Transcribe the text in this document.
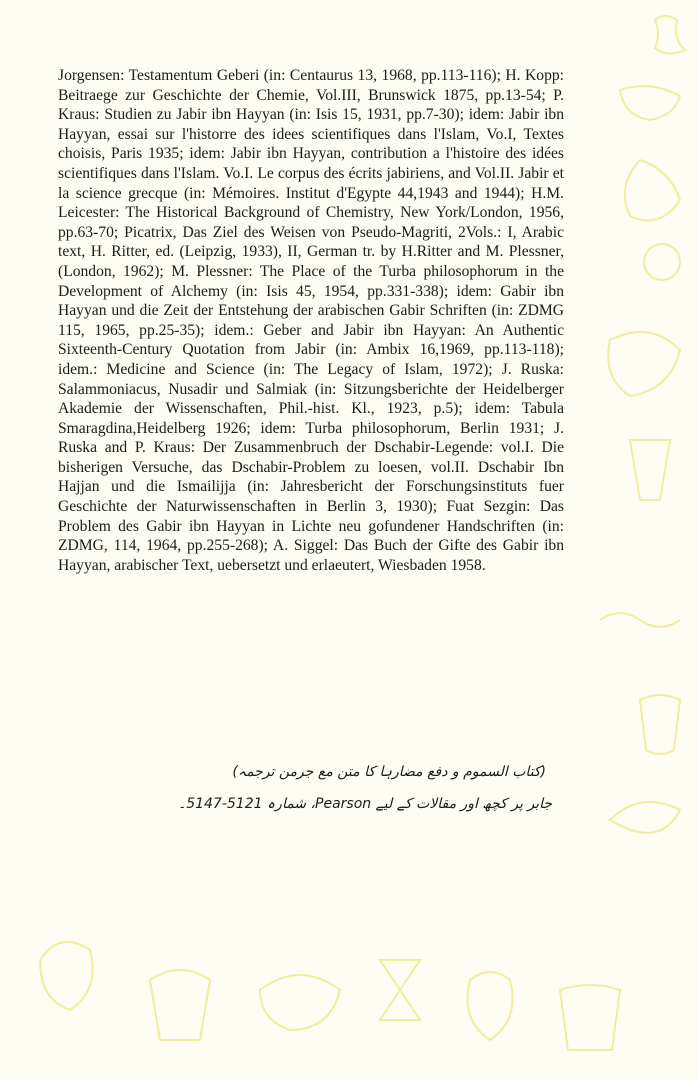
Jorgensen: Testamentum Geberi (in: Centaurus 13, 1968, pp.113-116); H. Kopp: Beitraege zur Geschichte der Chemie, Vol.III, Brunswick 1875, pp.13-54; P. Kraus: Studien zu Jabir ibn Hayyan (in: Isis 15, 1931, pp.7-30); idem: Jabir ibn Hayyan, essai sur l'historre des idees scientifiques dans l'Islam, Vo.I, Textes choisis, Paris 1935; idem: Jabir ibn Hayyan, contribution a l'histoire des idées scientifiques dans l'Islam. Vo.I. Le corpus des écrits jabiriens, and Vol.II. Jabir et la science grecque (in: Mémoires. Institut d'Egypte 44,1943 and 1944); H.M. Leicester: The Historical Background of Chemistry, New York/London, 1956, pp.63-70; Picatrix, Das Ziel des Weisen von Pseudo-Magriti, 2Vols.: I, Arabic text, H. Ritter, ed. (Leipzig, 1933), II, German tr. by H.Ritter and M. Plessner, (London, 1962); M. Plessner: The Place of the Turba philosophorum in the Development of Alchemy (in: Isis 45, 1954, pp.331-338); idem: Gabir ibn Hayyan und die Zeit der Entstehung der arabischen Gabir Schriften (in: ZDMG 115, 1965, pp.25-35); idem.: Geber and Jabir ibn Hayyan: An Authentic Sixteenth-Century Quotation from Jabir (in: Ambix 16,1969, pp.113-118); idem.: Medicine and Science (in: The Legacy of Islam, 1972); J. Ruska: Salammoniacus, Nusadir und Salmiak (in: Sitzungsberichte der Heidelberger Akademie der Wissenschaften, Phil.-hist. Kl., 1923, p.5); idem: Tabula Smaragdina,Heidelberg 1926; idem: Turba philosophorum, Berlin 1931; J. Ruska and P. Kraus: Der Zusammenbruch der Dschabir-Legende: vol.I. Die bisherigen Versuche, das Dschabir-Problem zu loesen, vol.II. Dschabir Ibn Hajjan und die Ismailijja (in: Jahresbericht der Forschungsinstituts fuer Geschichte der Naturwissenschaften in Berlin 3, 1930); Fuat Sezgin: Das Problem des Gabir ibn Hayyan in Lichte neu gofundener Handschriften (in: ZDMG, 114, 1964, pp.255-268); A. Siggel: Das Buch der Gifte des Gabir ibn Hayyan, arabischer Text, uebersetzt und erlaeutert, Wiesbaden 1958.

(کتاب السموم و دفع مضارہا کا متن مع جرمن ترجمہ)
جابر پر کچھ اور مقالات کے لیے Pearson، شمارہ 5121-5147۔
